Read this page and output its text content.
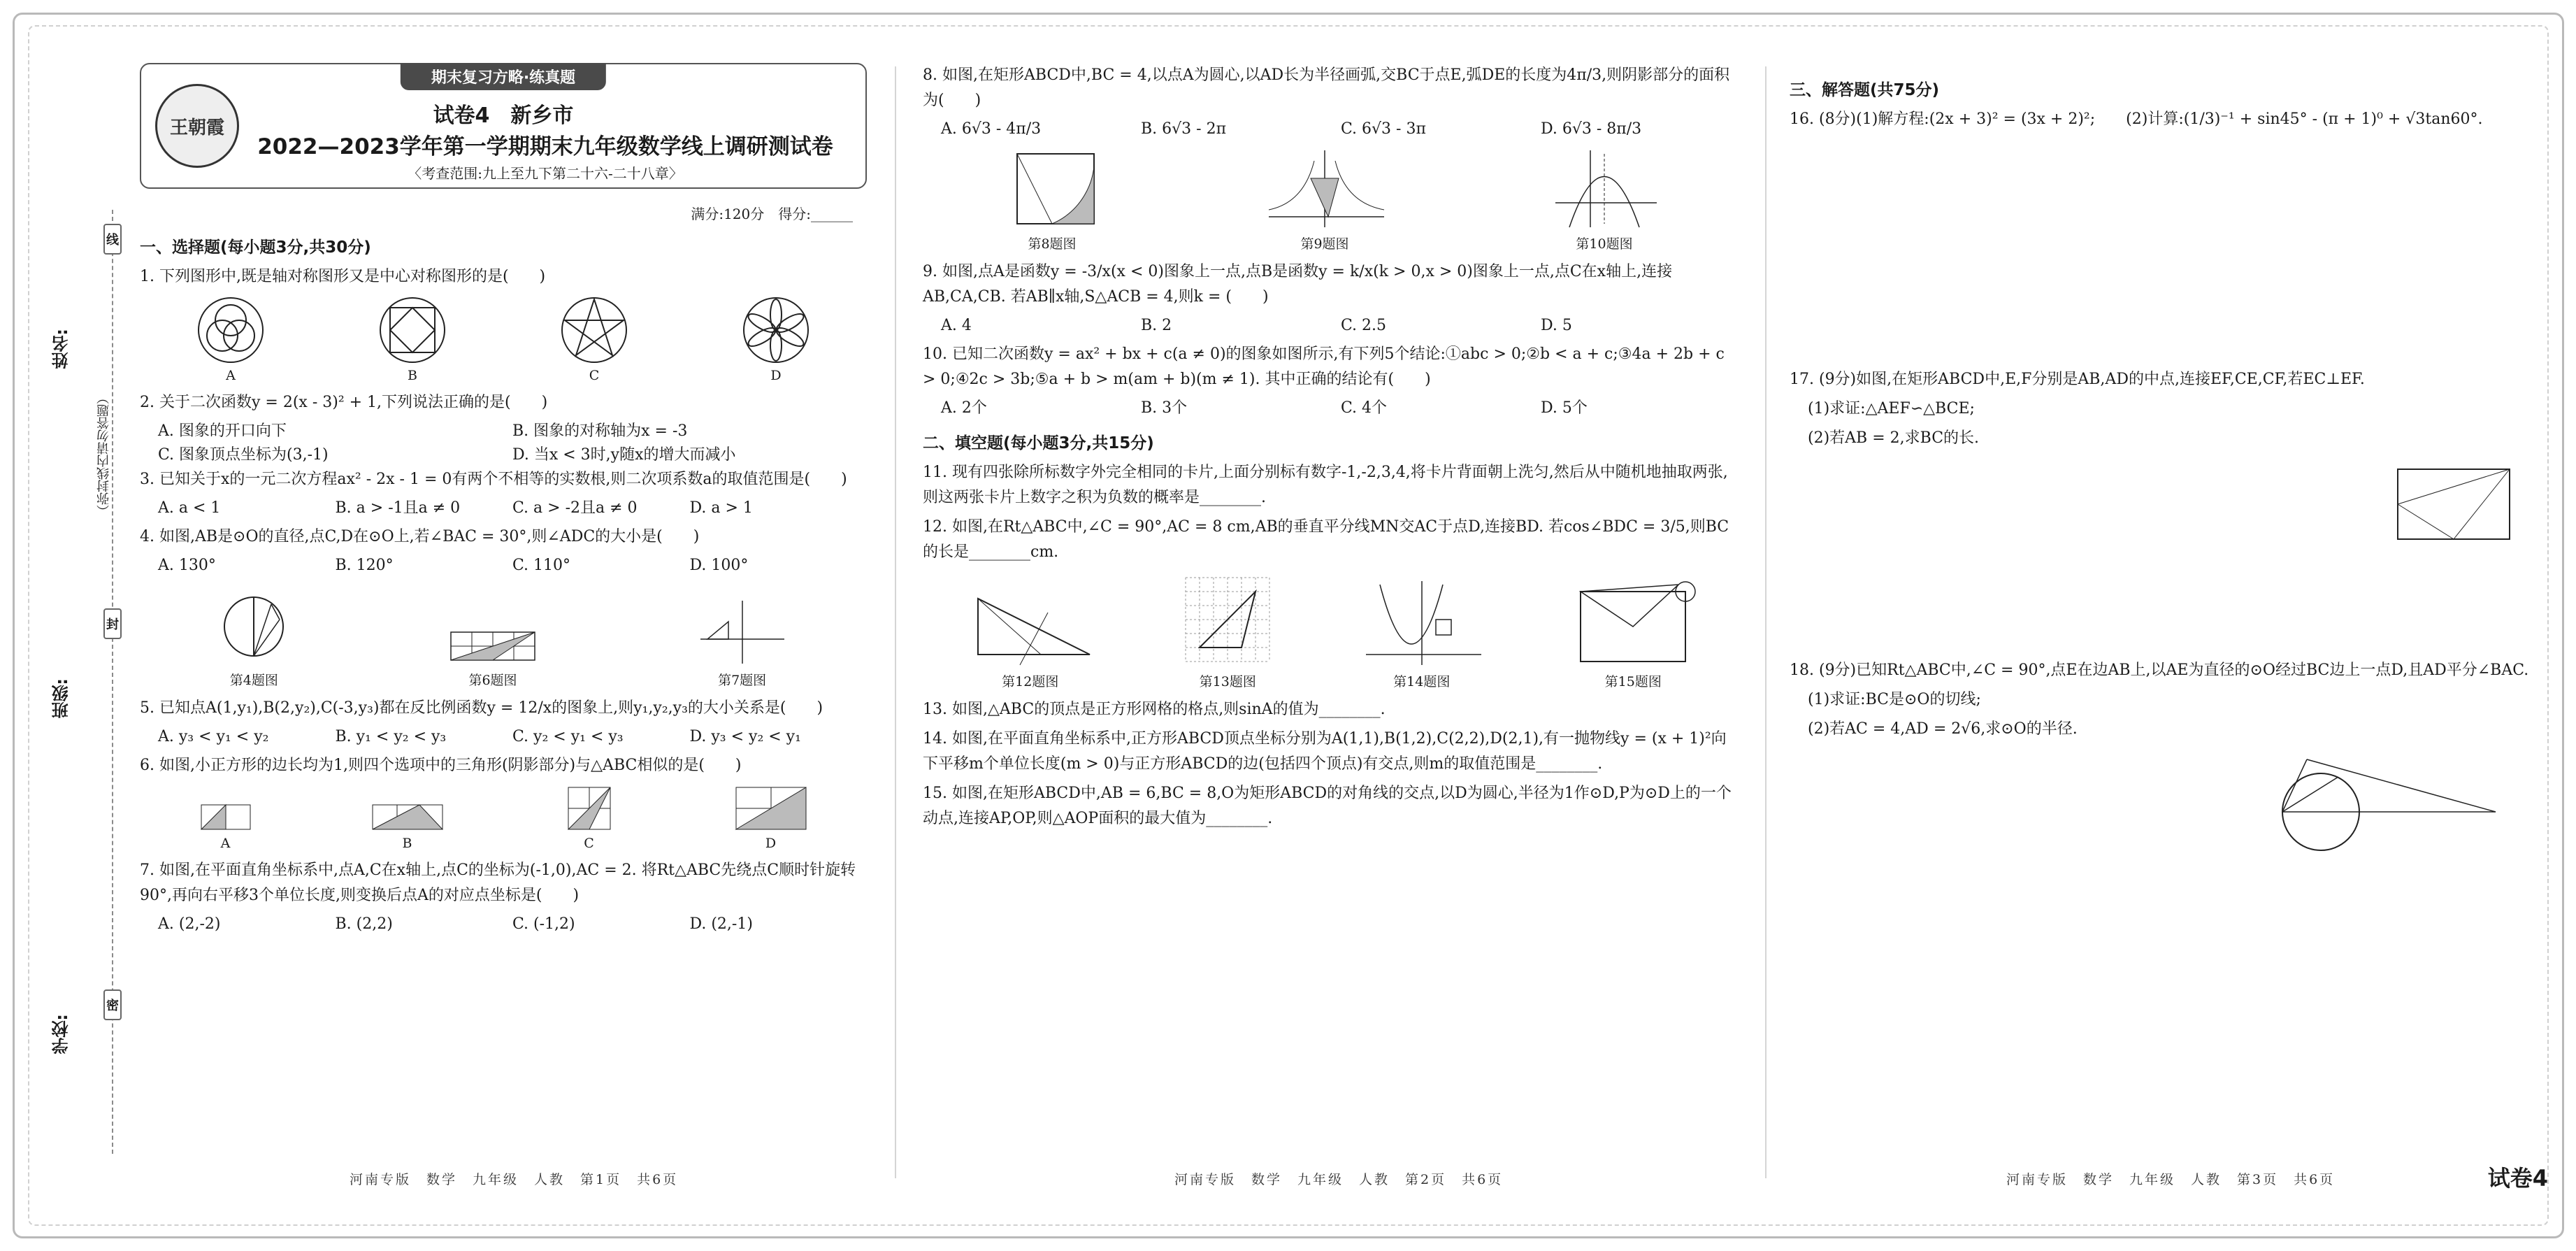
姓名:
班级:
学校:
（弥封线内请勿答题）
线
封
密
期末复习方略·练真题
王朝霞	试卷4　新乡市
2022—2023学年第一学期期末九年级数学线上调研测试卷
〈考查范围:九上至九下第二十六-二十八章〉
满分:120分　得分:______
一、选择题(每小题3分,共30分)
1. 下列图形中,既是轴对称图形又是中心对称图形的是(　　)
A	B	C	D
2. 关于二次函数y = 2(x - 3)² + 1,下列说法正确的是(　　)
A. 图象的开口向下	B. 图象的对称轴为x = -3
C. 图象顶点坐标为(3,-1)	D. 当x < 3时,y随x的增大而减小
3. 已知关于x的一元二次方程ax² - 2x - 1 = 0有两个不相等的实数根,则二次项系数a的取值范围是(　　)
A. a < 1	B. a > -1且a ≠ 0	C. a > -2且a ≠ 0	D. a > 1
4. 如图,AB是⊙O的直径,点C,D在⊙O上,若∠BAC = 30°,则∠ADC的大小是(　　)
A. 130°	B. 120°	C. 110°	D. 100°
第4题图	第6题图	第7题图
5. 已知点A(1,y₁),B(2,y₂),C(-3,y₃)都在反比例函数y = 12/x的图象上,则y₁,y₂,y₃的大小关系是(　　)
A. y₃ < y₁ < y₂	B. y₁ < y₂ < y₃	C. y₂ < y₁ < y₃	D. y₃ < y₂ < y₁
6. 如图,小正方形的边长均为1,则四个选项中的三角形(阴影部分)与△ABC相似的是(　　)
A	B	C	D
7. 如图,在平面直角坐标系中,点A,C在x轴上,点C的坐标为(-1,0),AC = 2. 将Rt△ABC先绕点C顺时针旋转90°,再向右平移3个单位长度,则变换后点A的对应点坐标是(　　)
A. (2,-2)	B. (2,2)	C. (-1,2)	D. (2,-1)
河南专版　数学　九年级　人教　第1页　共6页
8. 如图,在矩形ABCD中,BC = 4,以点A为圆心,以AD长为半径画弧,交BC于点E,弧DE的长度为4π/3,则阴影部分的面积为(　　)
A. 6√3 - 4π/3	B. 6√3 - 2π	C. 6√3 - 3π	D. 6√3 - 8π/3
第8题图	第9题图	第10题图
9. 如图,点A是函数y = -3/x(x < 0)图象上一点,点B是函数y = k/x(k > 0,x > 0)图象上一点,点C在x轴上,连接AB,CA,CB. 若AB∥x轴,S△ACB = 4,则k = (　　)
A. 4	B. 2	C. 2.5	D. 5
10. 已知二次函数y = ax² + bx + c(a ≠ 0)的图象如图所示,有下列5个结论:①abc > 0;②b < a + c;③4a + 2b + c > 0;④2c > 3b;⑤a + b > m(am + b)(m ≠ 1). 其中正确的结论有(　　)
A. 2个	B. 3个	C. 4个	D. 5个
二、填空题(每小题3分,共15分)
11. 现有四张除所标数字外完全相同的卡片,上面分别标有数字-1,-2,3,4,将卡片背面朝上洗匀,然后从中随机地抽取两张,则这两张卡片上数字之积为负数的概率是________.
12. 如图,在Rt△ABC中,∠C = 90°,AC = 8 cm,AB的垂直平分线MN交AC于点D,连接BD. 若cos∠BDC = 3/5,则BC的长是________cm.
第12题图	第13题图	第14题图	第15题图
13. 如图,△ABC的顶点是正方形网格的格点,则sinA的值为________.
14. 如图,在平面直角坐标系中,正方形ABCD顶点坐标分别为A(1,1),B(1,2),C(2,2),D(2,1),有一抛物线y = (x + 1)²向下平移m个单位长度(m > 0)与正方形ABCD的边(包括四个顶点)有交点,则m的取值范围是________.
15. 如图,在矩形ABCD中,AB = 6,BC = 8,O为矩形ABCD的对角线的交点,以D为圆心,半径为1作⊙D,P为⊙D上的一个动点,连接AP,OP,则△AOP面积的最大值为________.
河南专版　数学　九年级　人教　第2页　共6页
三、解答题(共75分)
16. (8分)(1)解方程:(2x + 3)² = (3x + 2)²;　　(2)计算:(1/3)⁻¹ + sin45° - (π + 1)⁰ + √3tan60°.
17. (9分)如图,在矩形ABCD中,E,F分别是AB,AD的中点,连接EF,CE,CF,若EC⊥EF.
(1)求证:△AEF∽△BCE;
(2)若AB = 2,求BC的长.
18. (9分)已知Rt△ABC中,∠C = 90°,点E在边AB上,以AE为直径的⊙O经过BC边上一点D,且AD平分∠BAC.
(1)求证:BC是⊙O的切线;
(2)若AC = 4,AD = 2√6,求⊙O的半径.
河南专版　数学　九年级　人教　第3页　共6页	试卷4
